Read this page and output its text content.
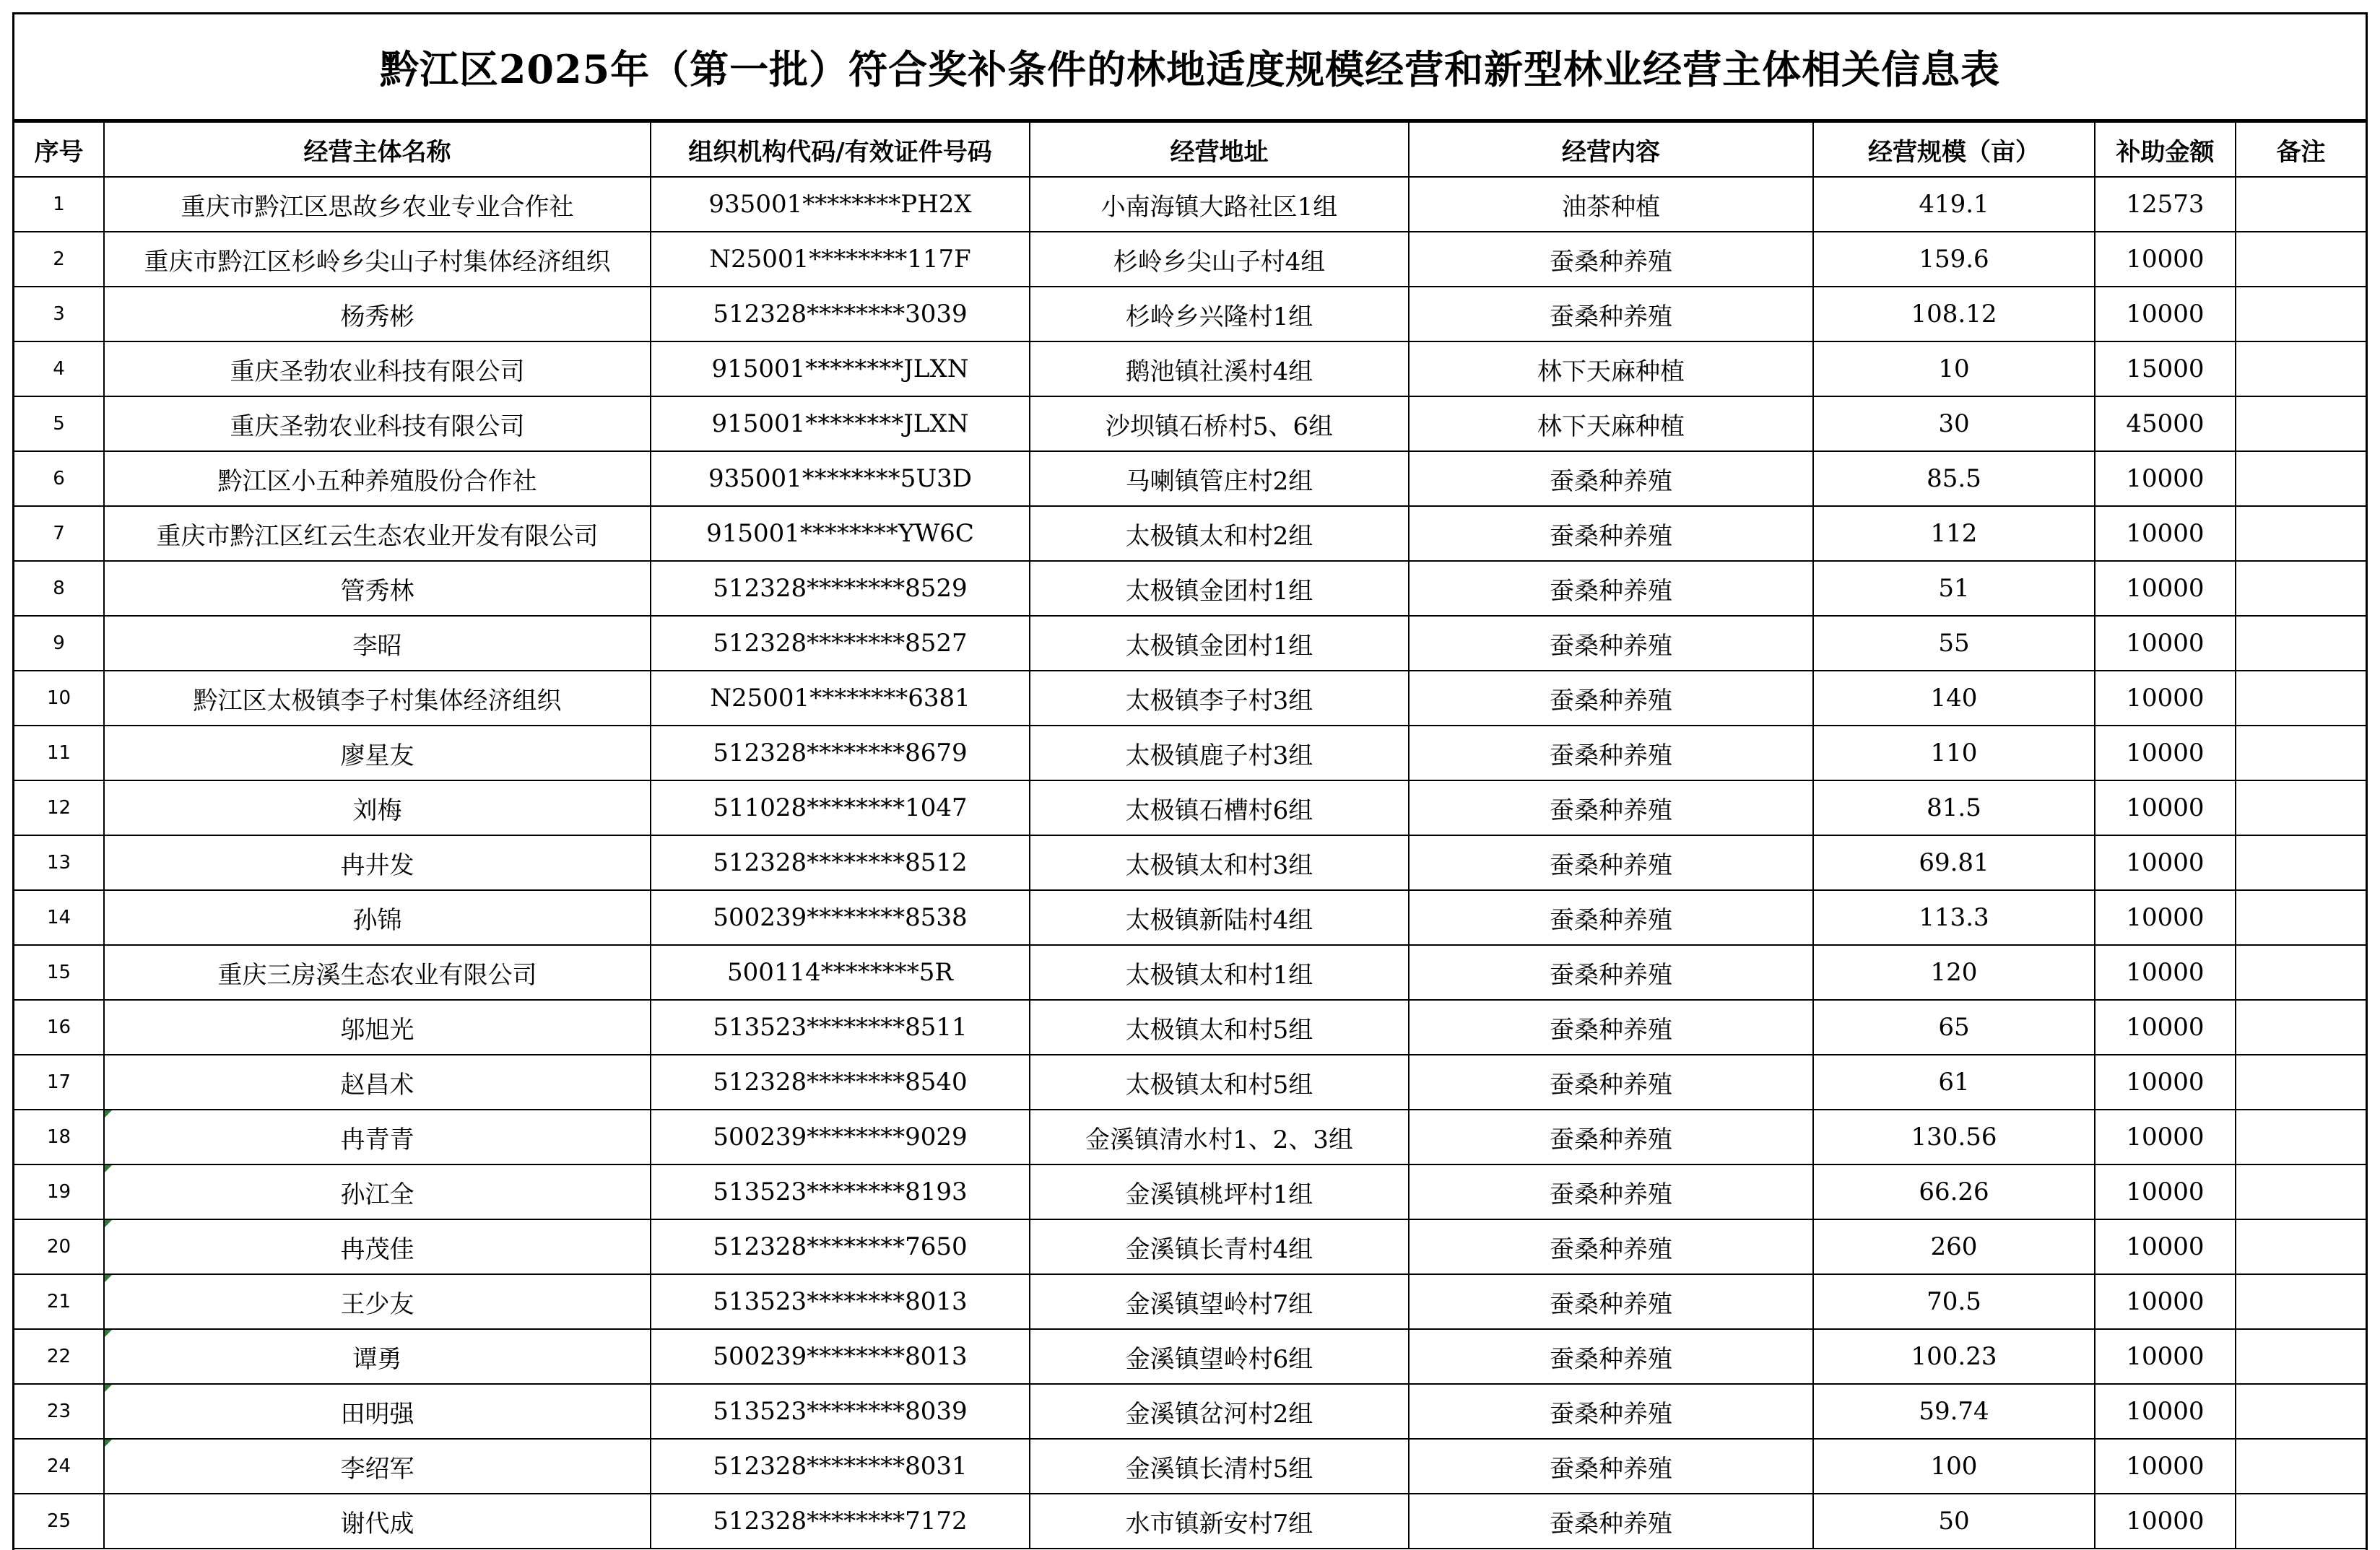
黔江区2025年（第一批）符合奖补条件的林地适度规模经营和新型林业经营主体相关信息表
序号	经营主体名称	组织机构代码/有效证件号码	经营地址	经营内容	经营规模（亩）	补助金额	备注
1	重庆市黔江区思故乡农业专业合作社	935001********PH2X	小南海镇大路社区1组	油茶种植	419.1	12573	
2	重庆市黔江区杉岭乡尖山子村集体经济组织	N25001********117F	杉岭乡尖山子村4组	蚕桑种养殖	159.6	10000	
3	杨秀彬	512328********3039	杉岭乡兴隆村1组	蚕桑种养殖	108.12	10000	
4	重庆圣勃农业科技有限公司	915001********JLXN	鹅池镇社溪村4组	林下天麻种植	10	15000	
5	重庆圣勃农业科技有限公司	915001********JLXN	沙坝镇石桥村5、6组	林下天麻种植	30	45000	
6	黔江区小五种养殖股份合作社	935001********5U3D	马喇镇管庄村2组	蚕桑种养殖	85.5	10000	
7	重庆市黔江区红云生态农业开发有限公司	915001********YW6C	太极镇太和村2组	蚕桑种养殖	112	10000	
8	管秀林	512328********8529	太极镇金团村1组	蚕桑种养殖	51	10000	
9	李昭	512328********8527	太极镇金团村1组	蚕桑种养殖	55	10000	
10	黔江区太极镇李子村集体经济组织	N25001********6381	太极镇李子村3组	蚕桑种养殖	140	10000	
11	廖星友	512328********8679	太极镇鹿子村3组	蚕桑种养殖	110	10000	
12	刘梅	511028********1047	太极镇石槽村6组	蚕桑种养殖	81.5	10000	
13	冉井发	512328********8512	太极镇太和村3组	蚕桑种养殖	69.81	10000	
14	孙锦	500239********8538	太极镇新陆村4组	蚕桑种养殖	113.3	10000	
15	重庆三房溪生态农业有限公司	500114********5R	太极镇太和村1组	蚕桑种养殖	120	10000	
16	邬旭光	513523********8511	太极镇太和村5组	蚕桑种养殖	65	10000	
17	赵昌术	512328********8540	太极镇太和村5组	蚕桑种养殖	61	10000	
18	冉青青	500239********9029	金溪镇清水村1、2、3组	蚕桑种养殖	130.56	10000	
19	孙江全	513523********8193	金溪镇桃坪村1组	蚕桑种养殖	66.26	10000	
20	冉茂佳	512328********7650	金溪镇长青村4组	蚕桑种养殖	260	10000	
21	王少友	513523********8013	金溪镇望岭村7组	蚕桑种养殖	70.5	10000	
22	谭勇	500239********8013	金溪镇望岭村6组	蚕桑种养殖	100.23	10000	
23	田明强	513523********8039	金溪镇岔河村2组	蚕桑种养殖	59.74	10000	
24	李绍军	512328********8031	金溪镇长清村5组	蚕桑种养殖	100	10000	
25	谢代成	512328********7172	水市镇新安村7组	蚕桑种养殖	50	10000	
